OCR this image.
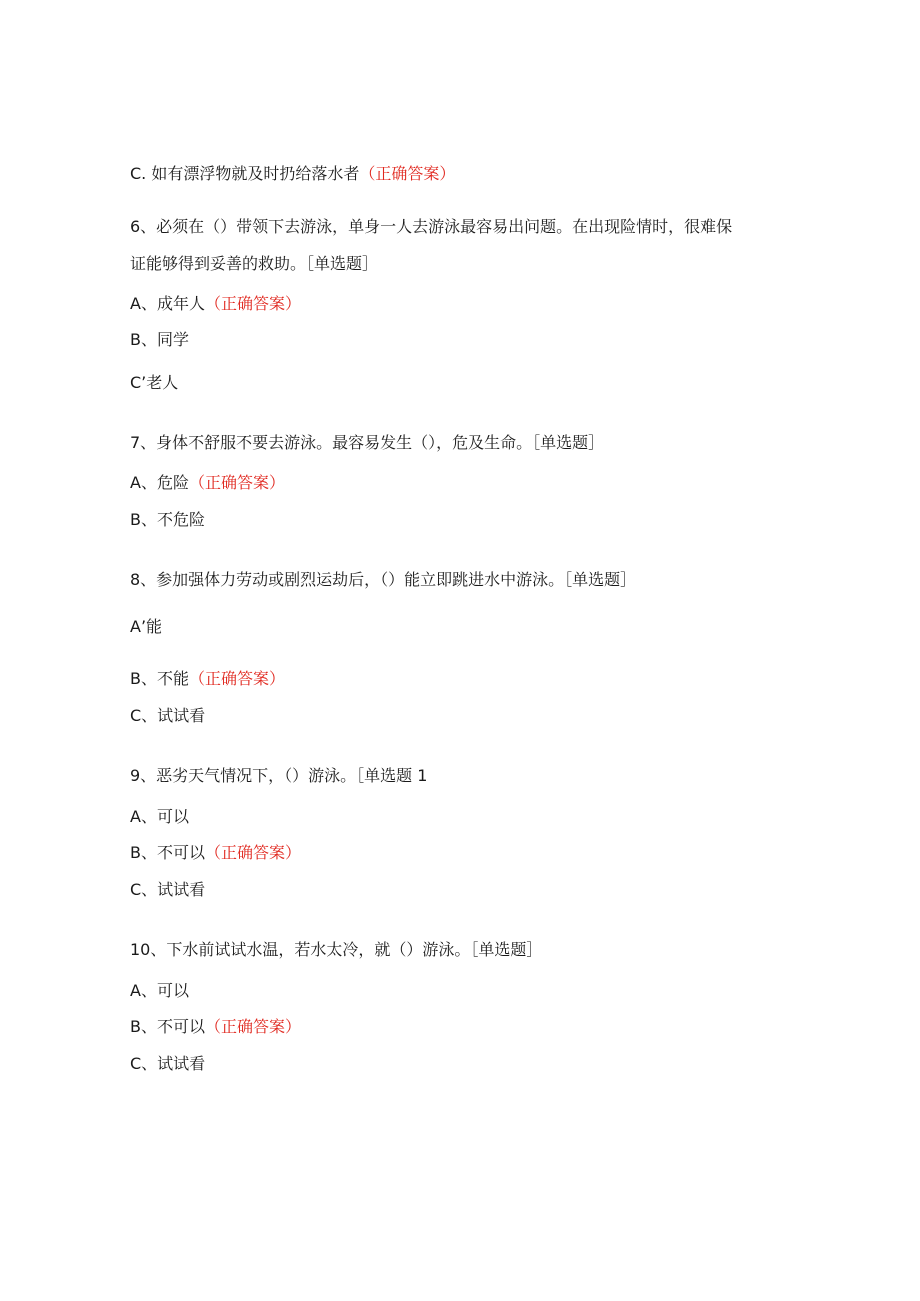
C. 如有漂浮物就及时扔给落水者（正确答案）
6、必须在（）带领下去游泳，单身一人去游泳最容易出问题。在出现险情时，很难保
证能够得到妥善的救助。［单选题］
A、成年人（正确答案）
B、同学
C’老人
7、身体不舒服不要去游泳。最容易发生（），危及生命。［单选题］
A、危险（正确答案）
B、不危险
8、参加强体力劳动或剧烈运劫后，（）能立即跳进水中游泳。［单选题］
A’能
B、不能（正确答案）
C、试试看
9、恶劣天气情况下，（）游泳。［单选题 1
A、可以
B、不可以（正确答案）
C、试试看
10、下水前试试水温，若水太冷，就（）游泳。［单选题］
A、可以
B、不可以（正确答案）
C、试试看
